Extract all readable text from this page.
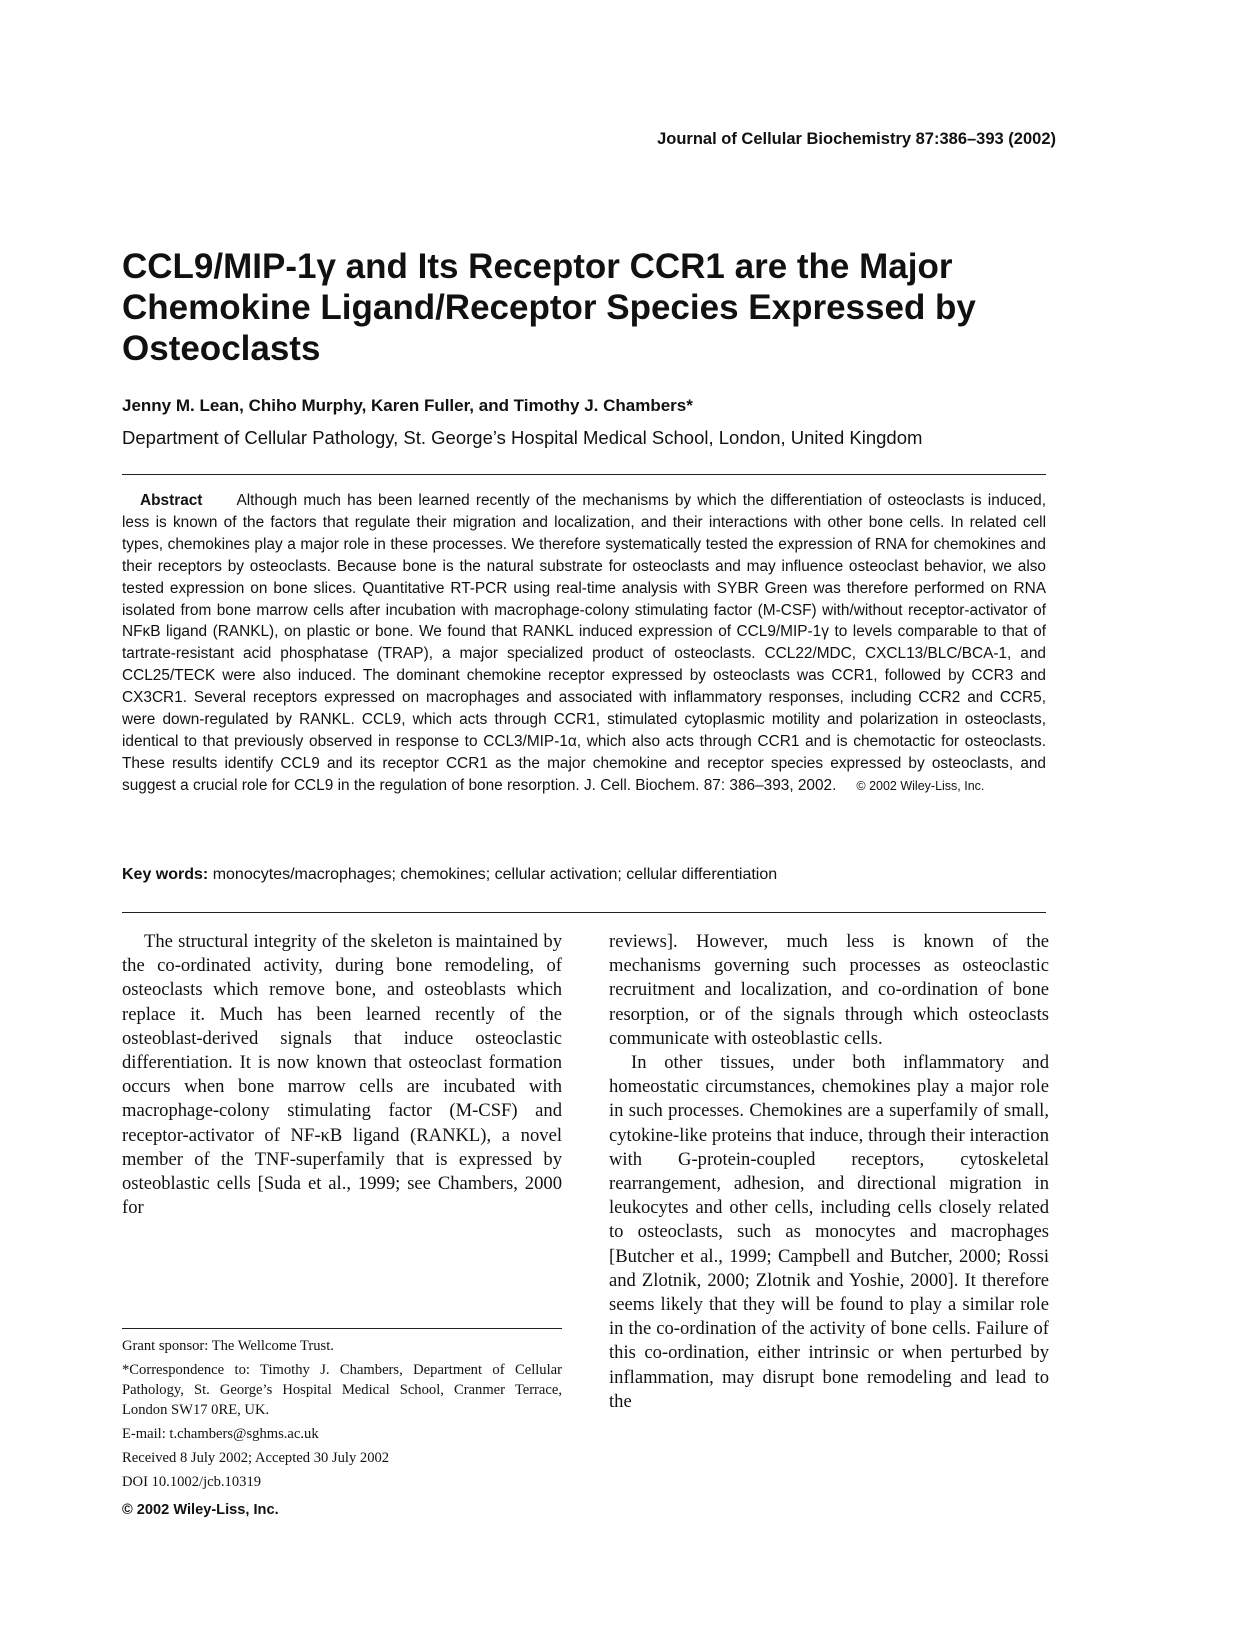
Journal of Cellular Biochemistry 87:386–393 (2002)
CCL9/MIP-1γ and Its Receptor CCR1 are the Major Chemokine Ligand/Receptor Species Expressed by Osteoclasts
Jenny M. Lean, Chiho Murphy, Karen Fuller, and Timothy J. Chambers*
Department of Cellular Pathology, St. George’s Hospital Medical School, London, United Kingdom

Abstract Although much has been learned recently of the mechanisms by which the differentiation of osteoclasts is induced, less is known of the factors that regulate their migration and localization, and their interactions with other bone cells. In related cell types, chemokines play a major role in these processes. We therefore systematically tested the expression of RNA for chemokines and their receptors by osteoclasts. Because bone is the natural substrate for osteoclasts and may influence osteoclast behavior, we also tested expression on bone slices. Quantitative RT-PCR using real-time analysis with SYBR Green was therefore performed on RNA isolated from bone marrow cells after incubation with macrophage-colony stimulating factor (M-CSF) with/without receptor-activator of NFκB ligand (RANKL), on plastic or bone. We found that RANKL induced expression of CCL9/MIP-1γ to levels comparable to that of tartrate-resistant acid phosphatase (TRAP), a major specialized product of osteoclasts. CCL22/MDC, CXCL13/BLC/BCA-1, and CCL25/TECK were also induced. The dominant chemokine receptor expressed by osteoclasts was CCR1, followed by CCR3 and CX3CR1. Several receptors expressed on macrophages and associated with inflammatory responses, including CCR2 and CCR5, were down-regulated by RANKL. CCL9, which acts through CCR1, stimulated cytoplasmic motility and polarization in osteoclasts, identical to that previously observed in response to CCL3/MIP-1α, which also acts through CCR1 and is chemotactic for osteoclasts. These results identify CCL9 and its receptor CCR1 as the major chemokine and receptor species expressed by osteoclasts, and suggest a crucial role for CCL9 in the regulation of bone resorption. J. Cell. Biochem. 87: 386–393, 2002. © 2002 Wiley-Liss, Inc.

Key words: monocytes/macrophages; chemokines; cellular activation; cellular differentiation

The structural integrity of the skeleton is maintained by the co-ordinated activity, during bone remodeling, of osteoclasts which remove bone, and osteoblasts which replace it. Much has been learned recently of the osteoblast-derived signals that induce osteoclastic differentiation. It is now known that osteoclast formation occurs when bone marrow cells are incubated with macrophage-colony stimulating factor (M-CSF) and receptor-activator of NF-κB ligand (RANKL), a novel member of the TNF-superfamily that is expressed by osteoblastic cells [Suda et al., 1999; see Chambers, 2000 for

reviews]. However, much less is known of the mechanisms governing such processes as osteoclastic recruitment and localization, and co-ordination of bone resorption, or of the signals through which osteoclasts communicate with osteoblastic cells.

In other tissues, under both inflammatory and homeostatic circumstances, chemokines play a major role in such processes. Chemokines are a superfamily of small, cytokine-like proteins that induce, through their interaction with G-protein-coupled receptors, cytoskeletal rearrangement, adhesion, and directional migration in leukocytes and other cells, including cells closely related to osteoclasts, such as monocytes and macrophages [Butcher et al., 1999; Campbell and Butcher, 2000; Rossi and Zlotnik, 2000; Zlotnik and Yoshie, 2000]. It therefore seems likely that they will be found to play a similar role in the co-ordination of the activity of bone cells. Failure of this co-ordination, either intrinsic or when perturbed by inflammation, may disrupt bone remodeling and lead to the

Grant sponsor: The Wellcome Trust.

*Correspondence to: Timothy J. Chambers, Department of Cellular Pathology, St. George’s Hospital Medical School, Cranmer Terrace, London SW17 0RE, UK.

E-mail: t.chambers@sghms.ac.uk

Received 8 July 2002; Accepted 30 July 2002

DOI 10.1002/jcb.10319

© 2002 Wiley-Liss, Inc.
